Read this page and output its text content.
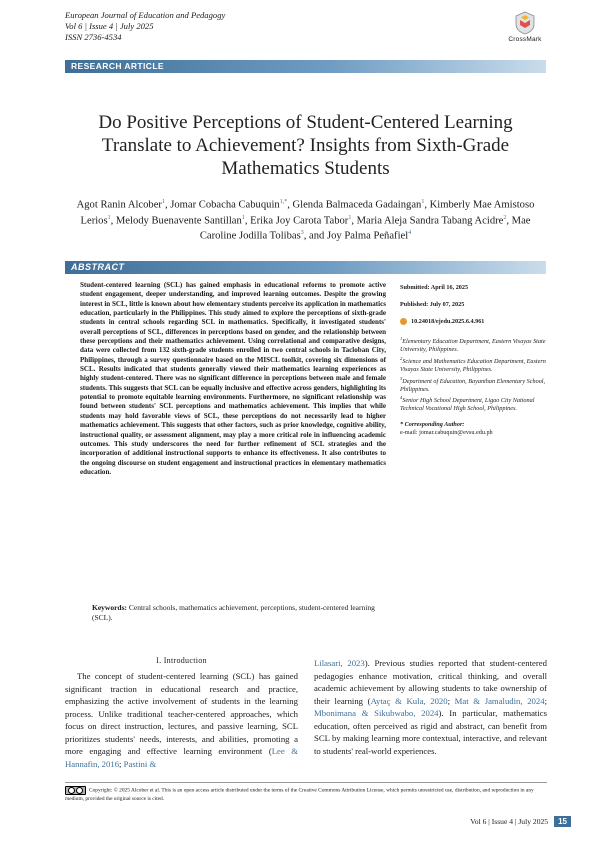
European Journal of Education and Pedagogy
Vol 6 | Issue 4 | July 2025
ISSN 2736-4534	CrossMark
RESEARCH ARTICLE
Do Positive Perceptions of Student-Centered Learning Translate to Achievement? Insights from Sixth-Grade Mathematics Students
Agot Ranin Alcober$^1$, Jomar Cobacha Cabuquin$^{1,*}$, Glenda Balmaceda Gadaingan$^1$, Kimberly Mae Amistoso Lerios$^1$, Melody Buenavente Santillan$^1$, Erika Joy Carota Tabor$^1$, Maria Aleja Sandra Tabang Acidre$^2$, Mae Caroline Jodilla Tolibas$^3$, and Joy Palma Peñafiel$^4$
ABSTRACT
Student-centered learning (SCL) has gained emphasis in educational reforms to promote active student engagement, deeper understanding, and improved learning outcomes. Despite the growing interest in SCL, little is known about how elementary students perceive its application in mathematics education, particularly in the Philippines. This study aimed to explore the perceptions of sixth-grade students in central schools regarding SCL in mathematics. Specifically, it investigated students' overall perceptions of SCL, differences in perceptions based on gender, and the relationship between these perceptions and their mathematics achievement. Using correlational and comparative designs, data were collected from 132 sixth-grade students enrolled in two central schools in Tacloban City, Philippines, through a survey questionnaire based on the MISCL toolkit, covering six dimensions of SCL. Results indicated that students generally viewed their mathematics learning experiences as highly student-centered. There was no significant difference in perceptions between male and female students. This suggests that SCL can be equally inclusive and effective across genders, highlighting its potential to promote equitable learning environments. Furthermore, no significant relationship was found between students' SCL perceptions and mathematics achievement. This implies that while students may hold favorable views of SCL, these perceptions do not necessarily lead to higher mathematics achievement. This suggests that other factors, such as prior knowledge, cognitive ability, instructional quality, or assessment alignment, may play a more critical role in influencing academic outcomes. This study underscores the need for further refinement of SCL strategies and the incorporation of additional instructional supports to enhance its effectiveness. It also contributes to the ongoing discourse on student engagement and instructional practices in elementary mathematics education.
Submitted: April 16, 2025
Published: July 07, 2025
10.24018/ejedu.2025.6.4.961
$^1$Elementary Education Department, Eastern Visayas State University, Philippines.
$^2$Science and Mathematics Education Department, Eastern Visayas State University, Philippines.
$^3$Department of Education, Bayanihan Elementary School, Philippines.
$^4$Senior High School Department, Ligao City National Technical Vocational High School, Philippines.
* Corresponding Author:
e-mail: jomar.cabuquin@evsu.edu.ph
Keywords: Central schools, mathematics achievement, perceptions, student-centered learning (SCL).
I. Introduction
The concept of student-centered learning (SCL) has gained significant traction in educational research and practice, emphasizing the active involvement of students in the learning process. Unlike traditional teacher-centered approaches, which focus on direct instruction, lectures, and passive learning, SCL prioritizes students' needs, interests, and abilities, promoting a more engaging and effective learning environment (Lee & Hannafin, 2016; Pastini &

Lilasari, 2023). Previous studies reported that student-centered pedagogies enhance motivation, critical thinking, and overall academic achievement by allowing students to take ownership of their learning (Aytaç & Kula, 2020; Mat & Jamaludin, 2024; Mbonimana & Sikubwabo, 2024). In particular, mathematics education, often perceived as rigid and abstract, can benefit from SCL by making learning more contextual, interactive, and relevant to students' real-world experiences.

Copyright: © 2025 Alcober et al. This is an open access article distributed under the terms of the Creative Commons Attribution License, which permits unrestricted use, distribution, and reproduction in any medium, provided the original source is cited.
Vol 6 | Issue 4 | July 2025	15
